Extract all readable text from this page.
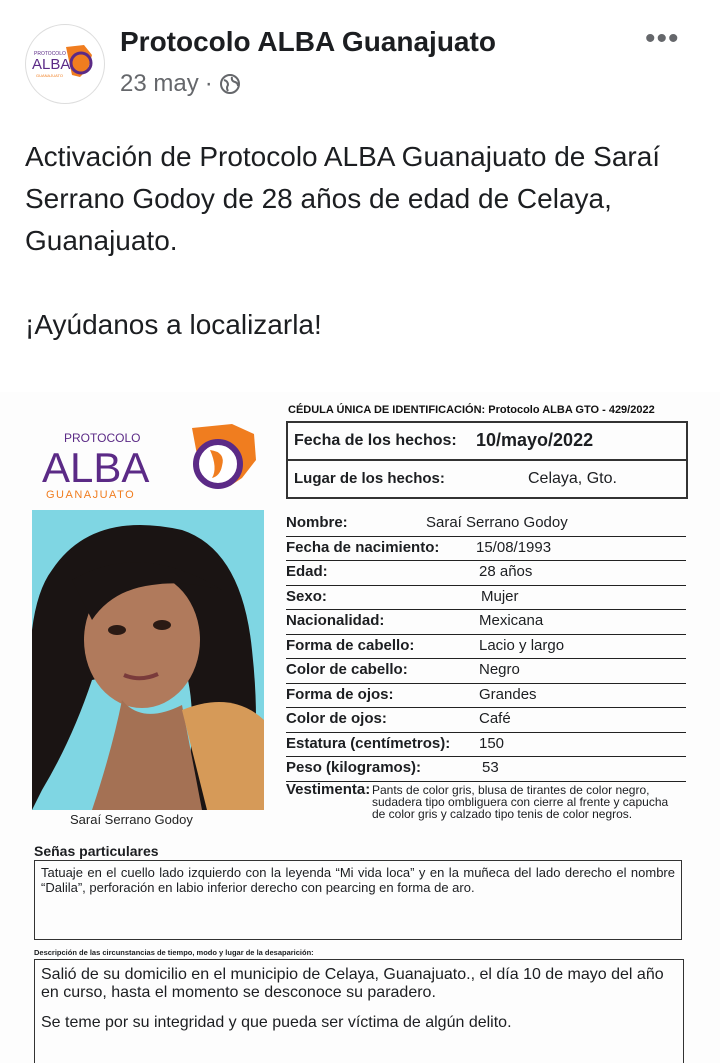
PROTOCOLO
ALBA
GUANAJUATO
Protocolo ALBA Guanajuato
23 may ·
•••

Activación de Protocolo ALBA Guanajuato de Saraí Serrano Godoy de 28 años de edad de Celaya, Guanajuato.

¡Ayúdanos a localizarla!

CÉDULA ÚNICA DE IDENTIFICACIÓN: Protocolo ALBA GTO - 429/2022
PROTOCOLO
ALBA
GUANAJUATO
Fecha de los hechos: 10/mayo/2022
Lugar de los hechos:	Celaya, Gto.
Saraí Serrano Godoy
Nombre:	Saraí Serrano Godoy
Fecha de nacimiento: 15/08/1993
Edad:	28 años
Sexo:	Mujer
Nacionalidad:	Mexicana
Forma de cabello:	Lacio y largo
Color de cabello:	Negro
Forma de ojos:	Grandes
Color de ojos:	Café
Estatura (centímetros): 150
Peso (kilogramos):	53
Vestimenta: Pants de color gris, blusa de tirantes de color negro, sudadera tipo ombliguera con cierre al frente y capucha de color gris y calzado tipo tenis de color negros.
Señas particulares
Tatuaje en el cuello lado izquierdo con la leyenda “Mi vida loca” y en la muñeca del lado derecho el nombre “Dalila”, perforación en labio inferior derecho con pearcing en forma de aro.
Descripción de las circunstancias de tiempo, modo y lugar de la desaparición:

Salió de su domicilio en el municipio de Celaya, Guanajuato., el día 10 de mayo del año en curso, hasta el momento se desconoce su paradero.

Se teme por su integridad y que pueda ser víctima de algún delito.
